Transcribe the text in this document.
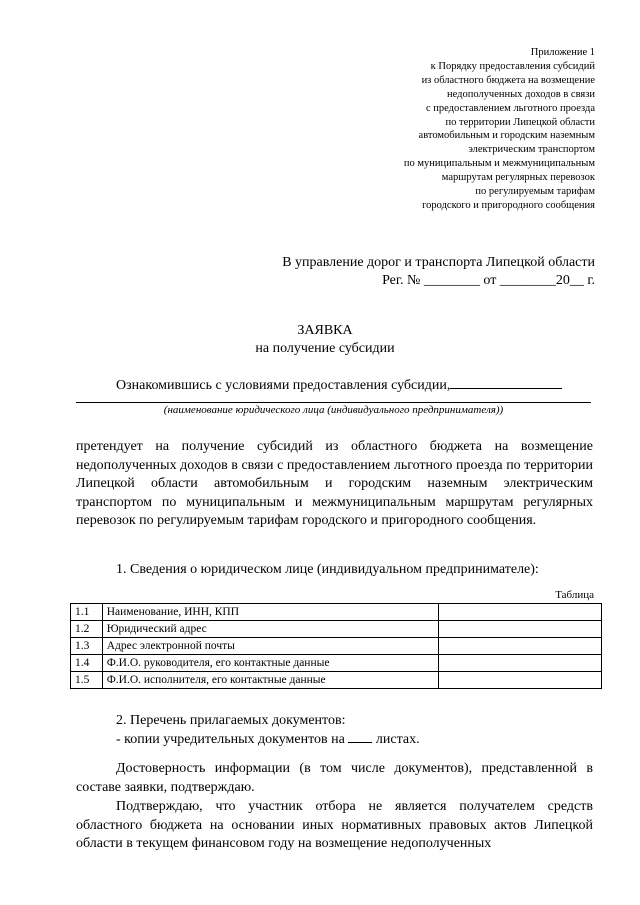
Приложение 1
к Порядку предоставления субсидий
из областного бюджета на возмещение
недополученных доходов в связи
с предоставлением льготного проезда
по территории Липецкой области
автомобильным и городским наземным
электрическим транспортом
по муниципальным и межмуниципальным
маршрутам регулярных перевозок
по регулируемым тарифам
городского и пригородного сообщения
В управление дорог и транспорта Липецкой области
Рег. № ________ от ________20__ г.
ЗАЯВКА
на получение субсидии
Ознакомившись с условиями предоставления субсидии,
(наименование юридического лица (индивидуального предпринимателя))
претендует на получение субсидий из областного бюджета на возмещение недополученных доходов в связи с предоставлением льготного проезда по территории Липецкой области автомобильным и городским наземным электрическим транспортом по муниципальным и межмуниципальным маршрутам регулярных перевозок по регулируемым тарифам городского и пригородного сообщения.
1. Сведения о юридическом лице (индивидуальном предпринимателе):
Таблица
1.1	Наименование, ИНН, КПП	
1.2	Юридический адрес	
1.3	Адрес электронной почты	
1.4	Ф.И.О. руководителя, его контактные данные	
1.5	Ф.И.О. исполнителя, его контактные данные	
2. Перечень прилагаемых документов:
- копии учредительных документов на листах.
Достоверность информации (в том числе документов), представленной в составе заявки, подтверждаю.
Подтверждаю, что участник отбора не является получателем средств областного бюджета на основании иных нормативных правовых актов Липецкой области в текущем финансовом году на возмещение недополученных
